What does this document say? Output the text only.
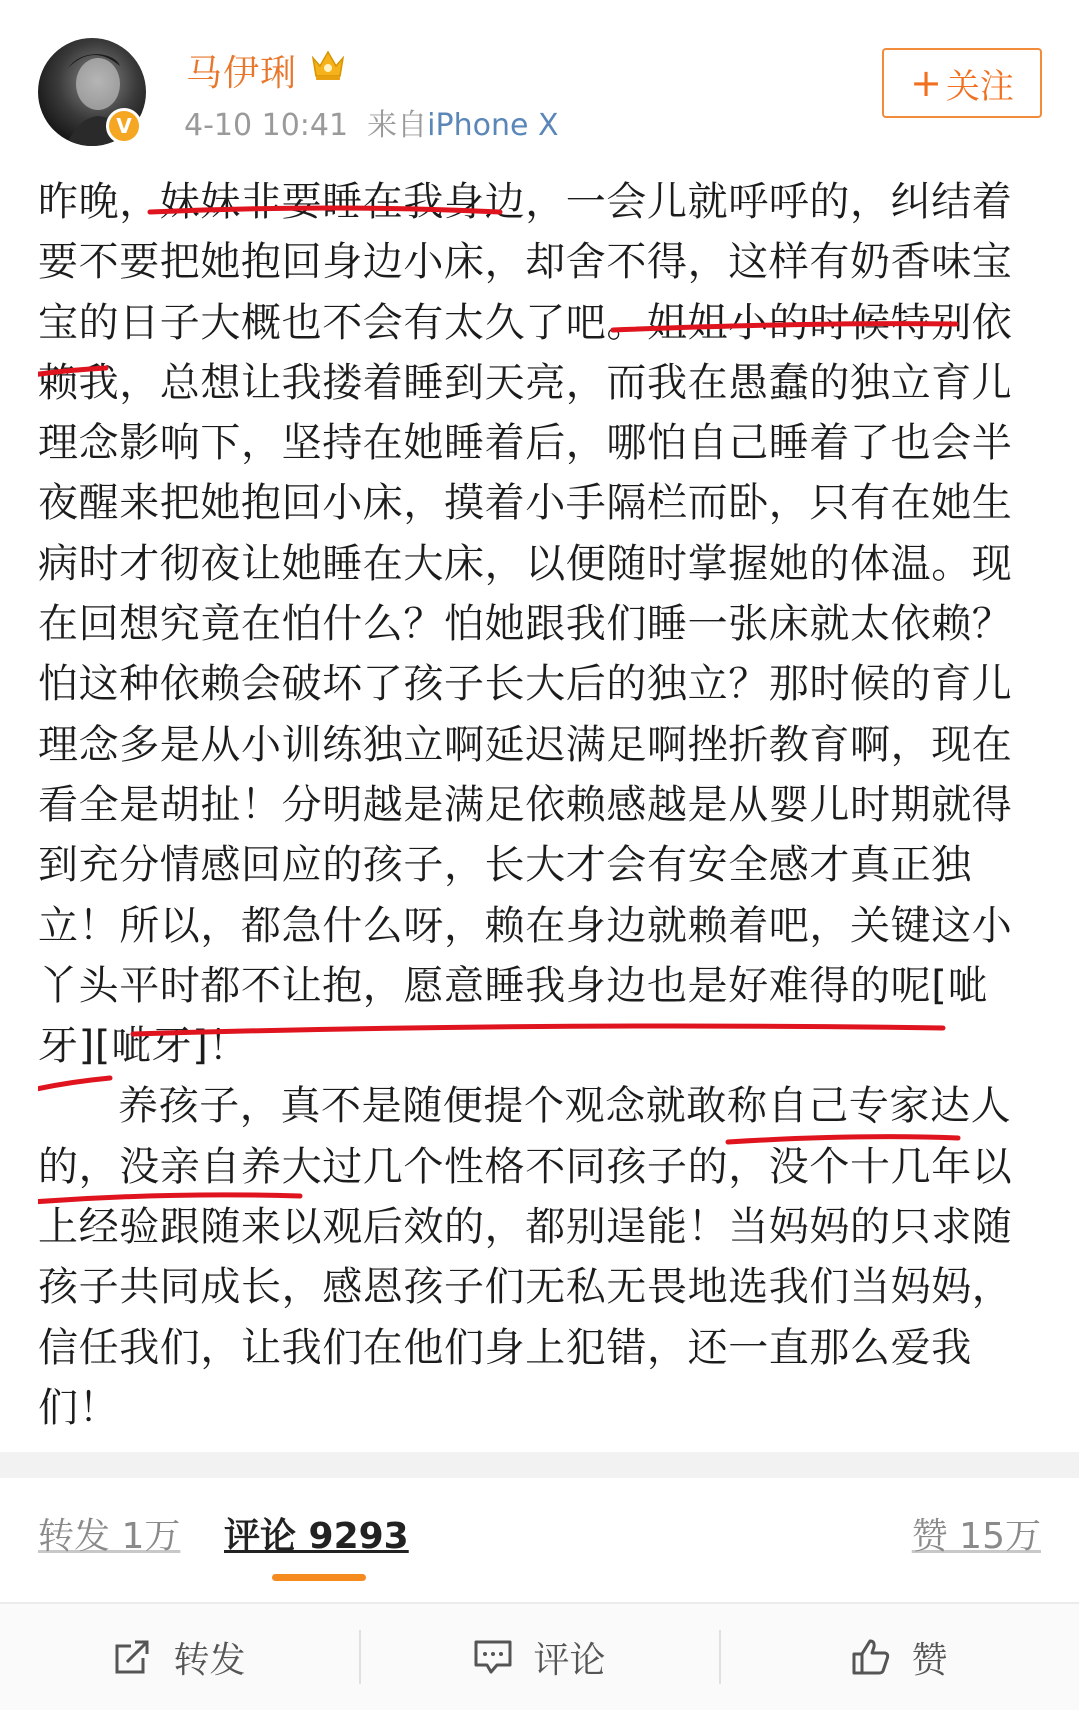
V
马伊琍
4-10 10:41 来自iPhone X
+ 关注

昨晚，妹妹非要睡在我身边，一会儿就呼呼的，纠结着要不要把她抱回身边小床，却舍不得，这样有奶香味宝宝的日子大概也不会有太久了吧。姐姐小的时候特别依赖我，总想让我搂着睡到天亮，而我在愚蠢的独立育儿理念影响下，坚持在她睡着后，哪怕自己睡着了也会半夜醒来把她抱回小床，摸着小手隔栏而卧，只有在她生病时才彻夜让她睡在大床，以便随时掌握她的体温。现在回想究竟在怕什么？怕她跟我们睡一张床就太依赖？怕这种依赖会破坏了孩子长大后的独立？那时候的育儿理念多是从小训练独立啊延迟满足啊挫折教育啊，现在看全是胡扯！分明越是满足依赖感越是从婴儿时期就得到充分情感回应的孩子，长大才会有安全感才真正独立！所以，都急什么呀，赖在身边就赖着吧，关键这小丫头平时都不让抱，愿意睡我身边也是好难得的呢[呲牙][呲牙]！

养孩子，真不是随便提个观念就敢称自己专家达人的，没亲自养大过几个性格不同孩子的，没个十几年以上经验跟随来以观后效的，都别逞能！当妈妈的只求随孩子共同成长，感恩孩子们无私无畏地选我们当妈妈，信任我们，让我们在他们身上犯错，还一直那么爱我们！

转发 1万 评论 9293	赞 15万
转发	评论	赞
